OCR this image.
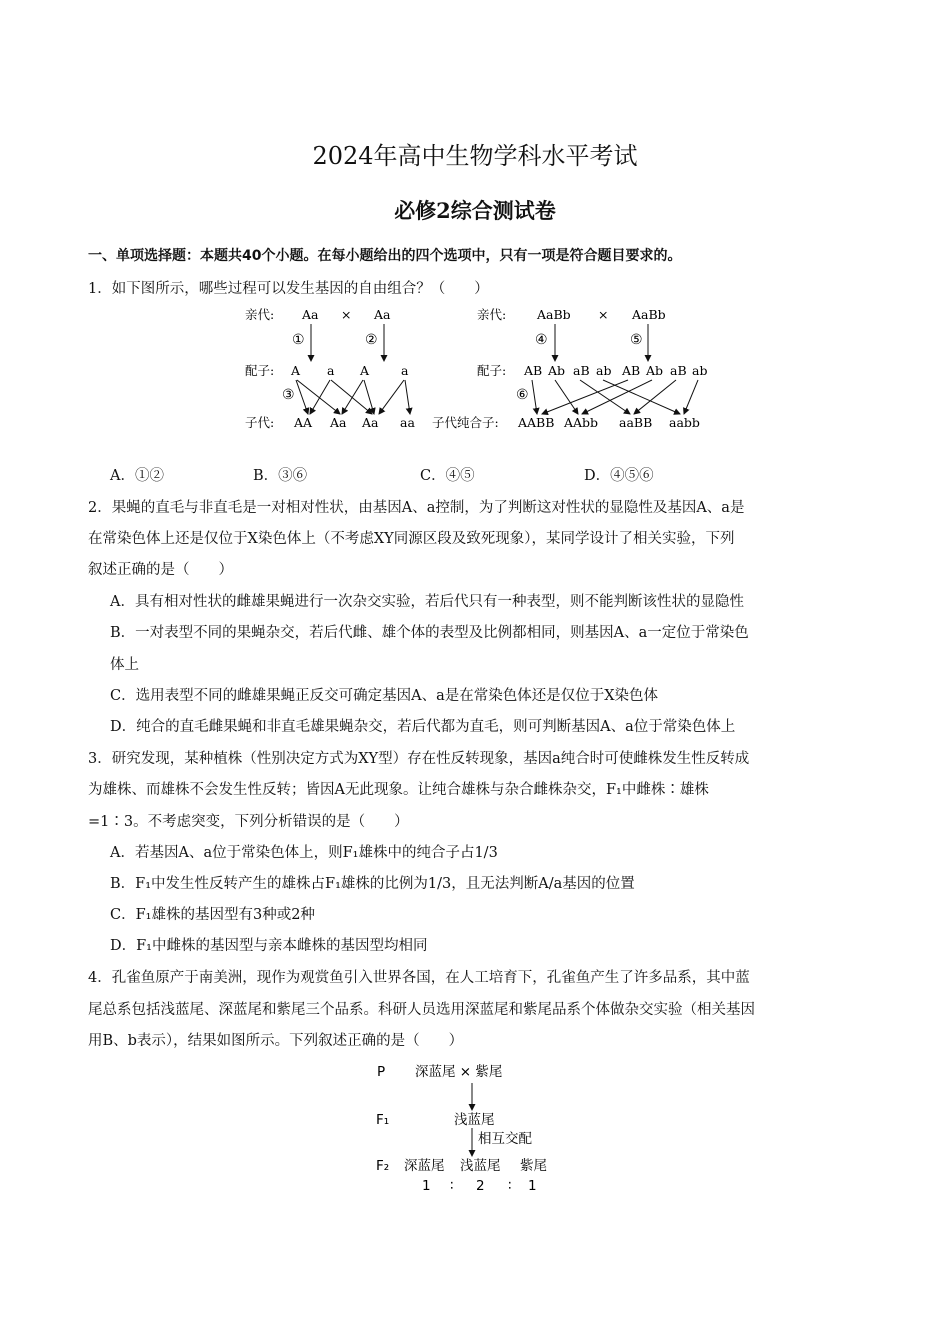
2024年高中生物学科水平考试
必修2综合测试卷
一、单项选择题：本题共40个小题。在每小题给出的四个选项中，只有一项是符合题目要求的。
1．如下图所示，哪些过程可以发生基因的自由组合？（　　）
亲代: Aa × Aa
①	②
配子: A a A	a
③
子代: AA Aa Aa aa
亲代: AaBb × AaBb
④	⑤
配子: AB Ab aB ab AB Ab aB ab
⑥
子代纯合子: AABB AAbb aaBB aabb
A．①②	B．③⑥	C．④⑤	D．④⑤⑥
2．果蝇的直毛与非直毛是一对相对性状，由基因A、a控制，为了判断这对性状的显隐性及基因A、a是
在常染色体上还是仅位于X染色体上（不考虑XY同源区段及致死现象），某同学设计了相关实验，下列
叙述正确的是（　　）
A．具有相对性状的雌雄果蝇进行一次杂交实验，若后代只有一种表型，则不能判断该性状的显隐性
B．一对表型不同的果蝇杂交，若后代雌、雄个体的表型及比例都相同，则基因A、a一定位于常染色
体上
C．选用表型不同的雌雄果蝇正反交可确定基因A、a是在常染色体还是仅位于X染色体
D．纯合的直毛雌果蝇和非直毛雄果蝇杂交，若后代都为直毛，则可判断基因A、a位于常染色体上
3．研究发现，某种植株（性别决定方式为XY型）存在性反转现象，基因a纯合时可使雌株发生性反转成
为雄株、而雄株不会发生性反转；皆因A无此现象。让纯合雄株与杂合雌株杂交，F₁中雌株∶雄株
=1∶3。不考虑突变，下列分析错误的是（　　）
A．若基因A、a位于常染色体上，则F₁雄株中的纯合子占1/3
B．F₁中发生性反转产生的雄株占F₁雄株的比例为1/3，且无法判断A/a基因的位置
C．F₁雄株的基因型有3种或2种
D．F₁中雌株的基因型与亲本雌株的基因型均相同
4．孔雀鱼原产于南美洲，现作为观赏鱼引入世界各国，在人工培育下，孔雀鱼产生了许多品系，其中蓝
尾总系包括浅蓝尾、深蓝尾和紫尾三个品系。科研人员选用深蓝尾和紫尾品系个体做杂交实验（相关基因
用B、b表示），结果如图所示。下列叙述正确的是（　　）
P 深蓝尾 × 紫尾
F₁	浅蓝尾
相互交配
F₂ 深蓝尾 浅蓝尾 紫尾
1 ∶ 2 ∶ 1
